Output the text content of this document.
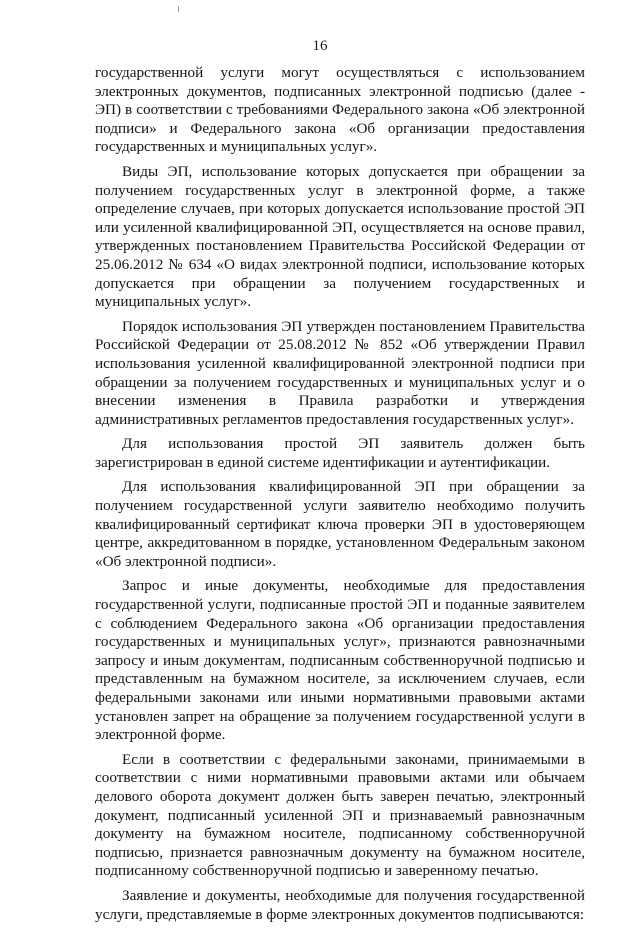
16

государственной услуги могут осуществляться с использованием электронных документов, подписанных электронной подписью (далее - ЭП) в соответствии с требованиями Федерального закона «Об электронной подписи» и Федерального закона «Об организации предоставления государственных и муниципальных услуг».

Виды ЭП, использование которых допускается при обращении за получением государственных услуг в электронной форме, а также определение случаев, при которых допускается использование простой ЭП или усиленной квалифицированной ЭП, осуществляется на основе правил, утвержденных постановлением Правительства Российской Федерации от 25.06.2012 № 634 «О видах электронной подписи, использование которых допускается при обращении за получением государственных и муниципальных услуг».

Порядок использования ЭП утвержден постановлением Правительства Российской Федерации от 25.08.2012 № 852 «Об утверждении Правил использования усиленной квалифицированной электронной подписи при обращении за получением государственных и муниципальных услуг и о внесении изменения в Правила разработки и утверждения административных регламентов предоставления государственных услуг».

Для использования простой ЭП заявитель должен быть зарегистрирован в единой системе идентификации и аутентификации.

Для использования квалифицированной ЭП при обращении за получением государственной услуги заявителю необходимо получить квалифицированный сертификат ключа проверки ЭП в удостоверяющем центре, аккредитованном в порядке, установленном Федеральным законом «Об электронной подписи».

Запрос и иные документы, необходимые для предоставления государственной услуги, подписанные простой ЭП и поданные заявителем с соблюдением Федерального закона «Об организации предоставления государственных и муниципальных услуг», признаются равнозначными запросу и иным документам, подписанным собственноручной подписью и представленным на бумажном носителе, за исключением случаев, если федеральными законами или иными нормативными правовыми актами установлен запрет на обращение за получением государственной услуги в электронной форме.

Если в соответствии с федеральными законами, принимаемыми в соответствии с ними нормативными правовыми актами или обычаем делового оборота документ должен быть заверен печатью, электронный документ, подписанный усиленной ЭП и признаваемый равнозначным документу на бумажном носителе, подписанному собственноручной подписью, признается равнозначным документу на бумажном носителе, подписанному собственноручной подписью и заверенному печатью.

Заявление и документы, необходимые для получения государственной услуги, представляемые в форме электронных документов подписываются:
